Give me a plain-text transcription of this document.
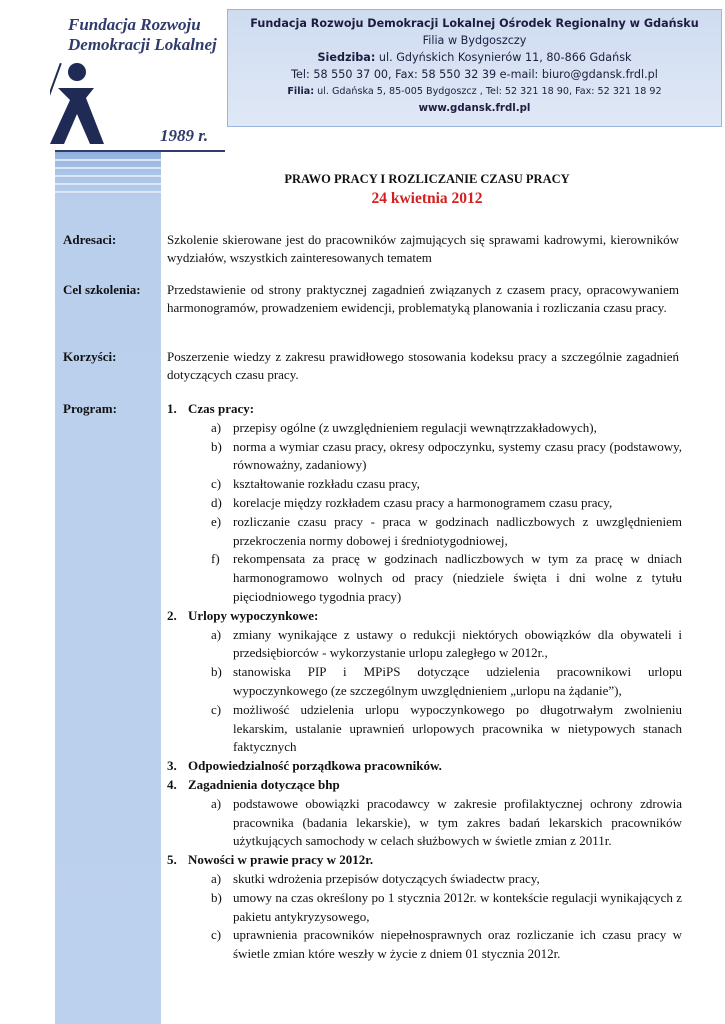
Fundacja Rozwoju
Demokracji Lokalnej
1989 r.
Fundacja Rozwoju Demokracji Lokalnej Ośrodek Regionalny w Gdańsku
Filia w Bydgoszczy
Siedziba: ul. Gdyńskich Kosynierów 11, 80-866 Gdańsk
Tel: 58 550 37 00, Fax: 58 550 32 39 e-mail: biuro@gdansk.frdl.pl
Filia: ul. Gdańska 5, 85-005 Bydgoszcz , Tel: 52 321 18 90, Fax: 52 321 18 92
www.gdansk.frdl.pl
PRAWO PRACY I ROZLICZANIE CZASU PRACY
24 kwietnia 2012
Adresaci:	Szkolenie skierowane jest do pracowników zajmujących się sprawami kadrowymi, kierowników wydziałów, wszystkich zainteresowanych tematem
Cel szkolenia: Przedstawienie od strony praktycznej zagadnień związanych z czasem pracy, opracowywaniem harmonogramów, prowadzeniem ewidencji, problematyką planowania i rozliczania czasu pracy.
Korzyści:	Poszerzenie wiedzy z zakresu prawidłowego stosowania kodeksu pracy a szczególnie zagadnień dotyczących czasu pracy.
Program:	1. Czas pracy:
a) przepisy ogólne (z uwzględnieniem regulacji wewnątrzzakładowych),
b) norma a wymiar czasu pracy, okresy odpoczynku, systemy czasu pracy (podstawowy, równoważny, zadaniowy)
c) kształtowanie rozkładu czasu pracy,
d) korelacje między rozkładem czasu pracy a harmonogramem czasu pracy,
e) rozliczanie czasu pracy - praca w godzinach nadliczbowych z uwzględnieniem przekroczenia normy dobowej i średniotygodniowej,
f)	rekompensata za pracę w godzinach nadliczbowych w tym za pracę w dniach harmonogramowo wolnych od pracy (niedziele święta i dni wolne z tytułu pięciodniowego tygodnia pracy)
2. Urlopy wypoczynkowe:
a) zmiany wynikające z ustawy o redukcji niektórych obowiązków dla obywateli i przedsiębiorców - wykorzystanie urlopu zaległego w 2012r.,
b) stanowiska PIP i MPiPS dotyczące udzielenia pracownikowi urlopu wypoczynkowego (ze szczególnym uwzględnieniem „urlopu na żądanie”),
c) możliwość udzielenia urlopu wypoczynkowego po długotrwałym zwolnieniu lekarskim, ustalanie uprawnień urlopowych pracownika w nietypowych stanach faktycznych
3. Odpowiedzialność porządkowa pracowników.
4. Zagadnienia dotyczące bhp
a) podstawowe obowiązki pracodawcy w zakresie profilaktycznej ochrony zdrowia pracownika (badania lekarskie), w tym zakres badań lekarskich pracowników użytkujących samochody w celach służbowych w świetle zmian z 2011r.
5. Nowości w prawie pracy w 2012r.
a) skutki wdrożenia przepisów dotyczących świadectw pracy,
b) umowy na czas określony po 1 stycznia 2012r. w kontekście regulacji wynikających z pakietu antykryzysowego,
c) uprawnienia pracowników niepełnosprawnych oraz rozliczanie ich czasu pracy w świetle zmian które weszły w życie z dniem 01 stycznia 2012r.
